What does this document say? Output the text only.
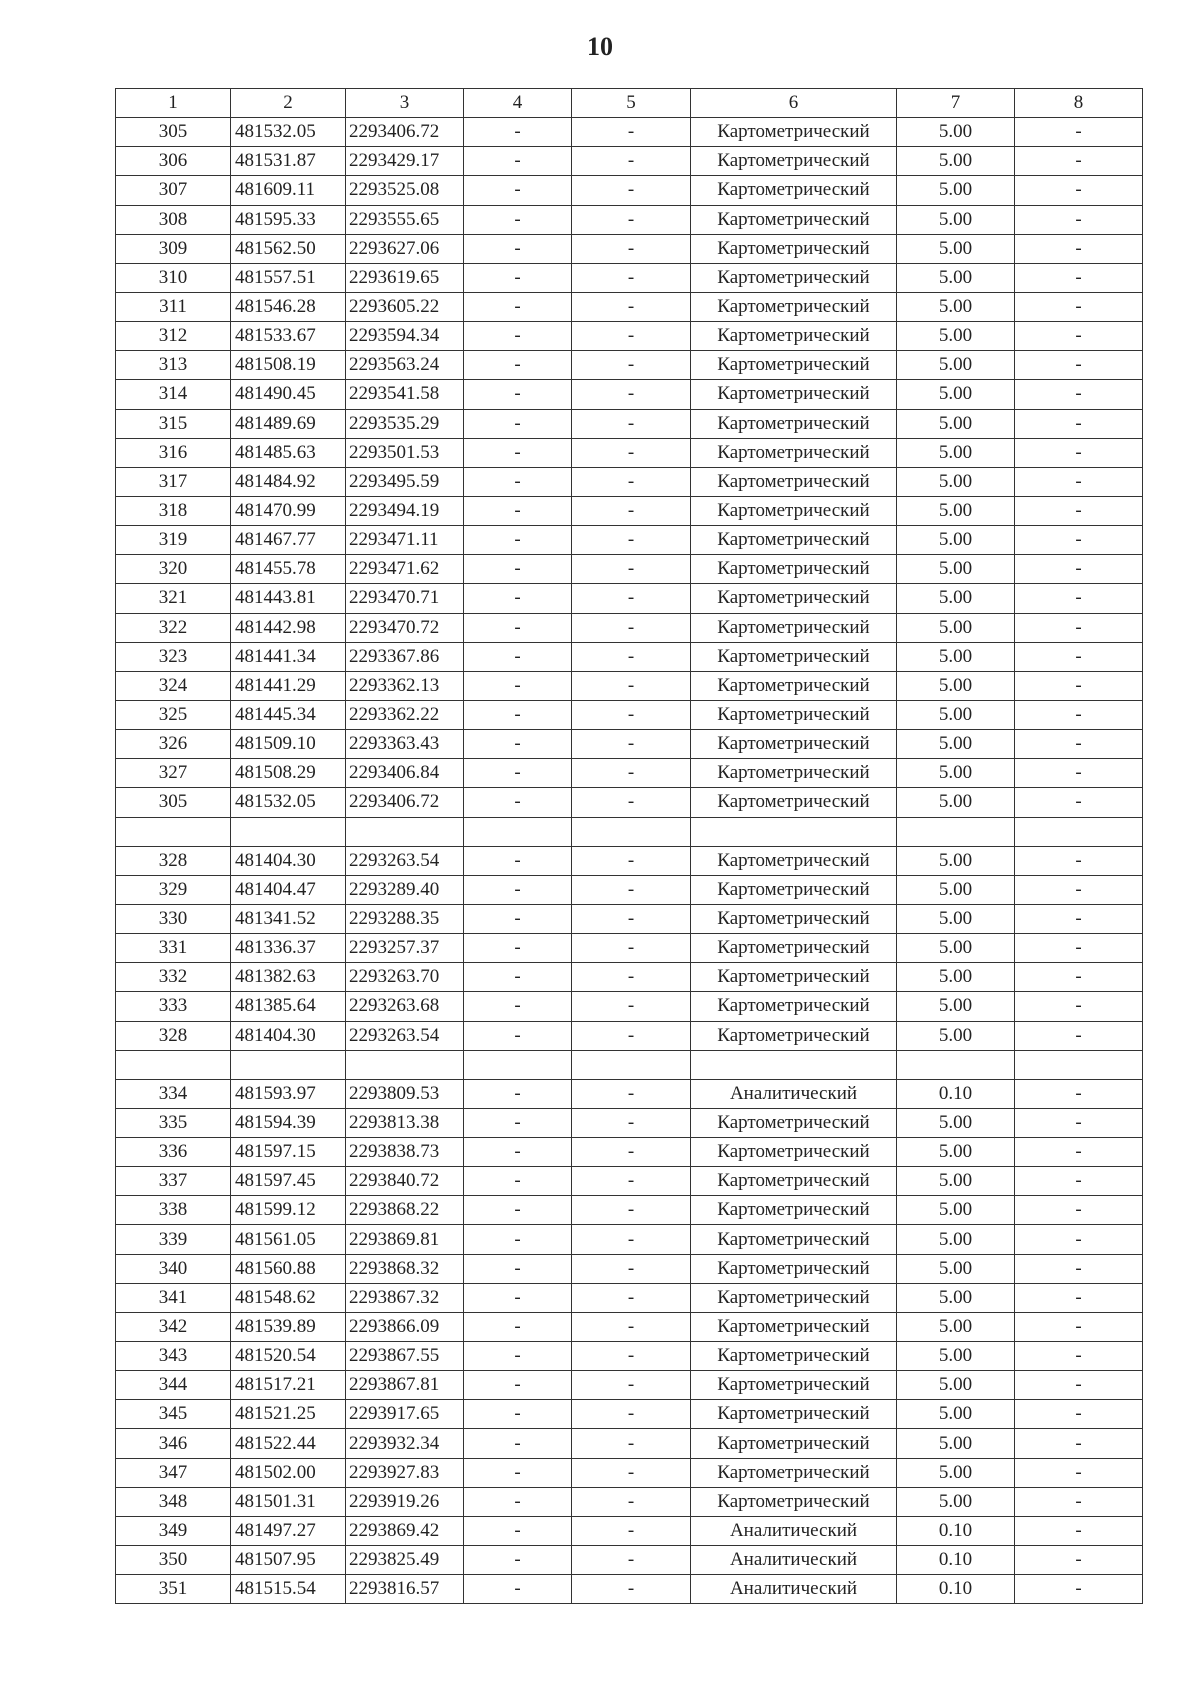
10
1	2	3	4	5	6	7	8
305	481532.05	2293406.72	-	-	Картометрический	5.00	-
306	481531.87	2293429.17	-	-	Картометрический	5.00	-
307	481609.11	2293525.08	-	-	Картометрический	5.00	-
308	481595.33	2293555.65	-	-	Картометрический	5.00	-
309	481562.50	2293627.06	-	-	Картометрический	5.00	-
310	481557.51	2293619.65	-	-	Картометрический	5.00	-
311	481546.28	2293605.22	-	-	Картометрический	5.00	-
312	481533.67	2293594.34	-	-	Картометрический	5.00	-
313	481508.19	2293563.24	-	-	Картометрический	5.00	-
314	481490.45	2293541.58	-	-	Картометрический	5.00	-
315	481489.69	2293535.29	-	-	Картометрический	5.00	-
316	481485.63	2293501.53	-	-	Картометрический	5.00	-
317	481484.92	2293495.59	-	-	Картометрический	5.00	-
318	481470.99	2293494.19	-	-	Картометрический	5.00	-
319	481467.77	2293471.11	-	-	Картометрический	5.00	-
320	481455.78	2293471.62	-	-	Картометрический	5.00	-
321	481443.81	2293470.71	-	-	Картометрический	5.00	-
322	481442.98	2293470.72	-	-	Картометрический	5.00	-
323	481441.34	2293367.86	-	-	Картометрический	5.00	-
324	481441.29	2293362.13	-	-	Картометрический	5.00	-
325	481445.34	2293362.22	-	-	Картометрический	5.00	-
326	481509.10	2293363.43	-	-	Картометрический	5.00	-
327	481508.29	2293406.84	-	-	Картометрический	5.00	-
305	481532.05	2293406.72	-	-	Картометрический	5.00	-

328	481404.30	2293263.54	-	-	Картометрический	5.00	-
329	481404.47	2293289.40	-	-	Картометрический	5.00	-
330	481341.52	2293288.35	-	-	Картометрический	5.00	-
331	481336.37	2293257.37	-	-	Картометрический	5.00	-
332	481382.63	2293263.70	-	-	Картометрический	5.00	-
333	481385.64	2293263.68	-	-	Картометрический	5.00	-
328	481404.30	2293263.54	-	-	Картометрический	5.00	-

334	481593.97	2293809.53	-	-	Аналитический	0.10	-
335	481594.39	2293813.38	-	-	Картометрический	5.00	-
336	481597.15	2293838.73	-	-	Картометрический	5.00	-
337	481597.45	2293840.72	-	-	Картометрический	5.00	-
338	481599.12	2293868.22	-	-	Картометрический	5.00	-
339	481561.05	2293869.81	-	-	Картометрический	5.00	-
340	481560.88	2293868.32	-	-	Картометрический	5.00	-
341	481548.62	2293867.32	-	-	Картометрический	5.00	-
342	481539.89	2293866.09	-	-	Картометрический	5.00	-
343	481520.54	2293867.55	-	-	Картометрический	5.00	-
344	481517.21	2293867.81	-	-	Картометрический	5.00	-
345	481521.25	2293917.65	-	-	Картометрический	5.00	-
346	481522.44	2293932.34	-	-	Картометрический	5.00	-
347	481502.00	2293927.83	-	-	Картометрический	5.00	-
348	481501.31	2293919.26	-	-	Картометрический	5.00	-
349	481497.27	2293869.42	-	-	Аналитический	0.10	-
350	481507.95	2293825.49	-	-	Аналитический	0.10	-
351	481515.54	2293816.57	-	-	Аналитический	0.10	-
